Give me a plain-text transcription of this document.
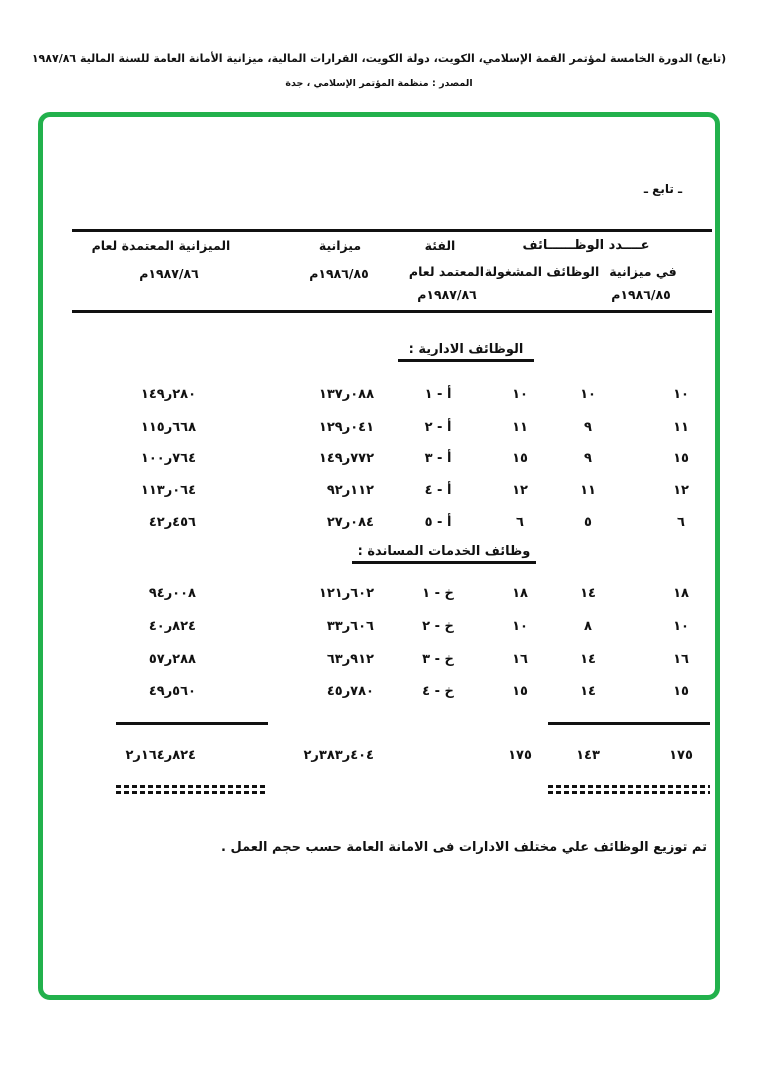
(تابع) الدورة الخامسة لمؤتمر القمة الإسلامي، الكويت، دولة الكويت، القرارات المالية، ميزانية الأمانة العامة للسنة المالية ١٩٨٧/٨٦
المصدر : منظمة المؤتمر الإسلامي ، جدة
ـ تابع ـ
عــــدد الوظــــــائف
الفئة
ميزانية
م١٩٨٦/٨٥
الميزانية المعتمدة لعام
م١٩٨٧/٨٦	في ميزانية
م١٩٨٦/٨٥
الوظائف المشغولة
المعتمد لعام
م١٩٨٧/٨٦
الوظائف الادارية :
١٠
١٠
١٠
أ - ١
١٣٧ر٠٨٨
١٤٩ر٢٨٠
١١
٩
١١
أ - ٢
١٢٩ر٠٤١
١١٥ر٦٦٨
١٥
٩
١٥
أ - ٣
١٤٩ر٧٧٢
١٠٠ر٧٦٤
١٢
١١
١٢
أ - ٤
٩٢ر١١٢
١١٣ر٠٦٤
٦
٥
٦
أ - ٥
٢٧ر٠٨٤
٤٢ر٤٥٦
وظائف الخدمات المساندة :
١٨
١٤
١٨
خ - ١
١٢١ر٦٠٢
٩٤ر٠٠٨
١٠
٨
١٠
خ - ٢
٣٣ر٦٠٦
٤٠ر٨٢٤
١٦
١٤
١٦
خ - ٣
٦٣ر٩١٢
٥٧ر٢٨٨
١٥
١٤
١٥
خ - ٤
٤٥ر٧٨٠
٤٩ر٥٦٠
١٧٥
١٤٣
١٧٥
٢ر٣٨٣ر٤٠٤
٢ر١٦٤ر٨٢٤
تم توزيع الوظائف علي مختلف الادارات فى الامانة العامة حسب حجم العمل .
